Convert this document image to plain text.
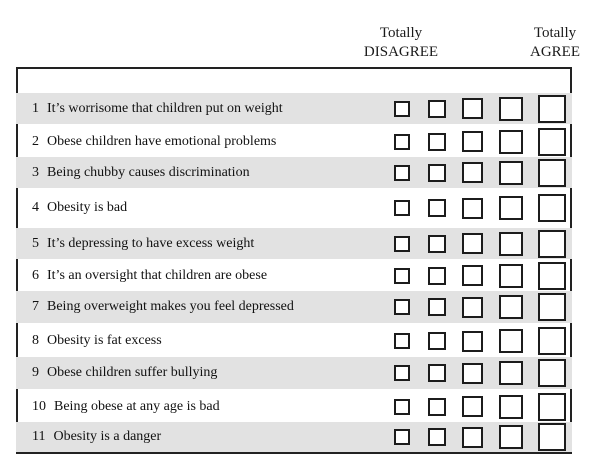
Totally
DISAGREE
Totally
AGREE
1 It’s worrisome that children put on weight
2 Obese children have emotional problems
3 Being chubby causes discrimination
4 Obesity is bad
5 It’s depressing to have excess weight
6 It’s an oversight that children are obese
7 Being overweight makes you feel depressed
8 Obesity is fat excess
9 Obese children suffer bullying
10 Being obese at any age is bad
11 Obesity is a danger
